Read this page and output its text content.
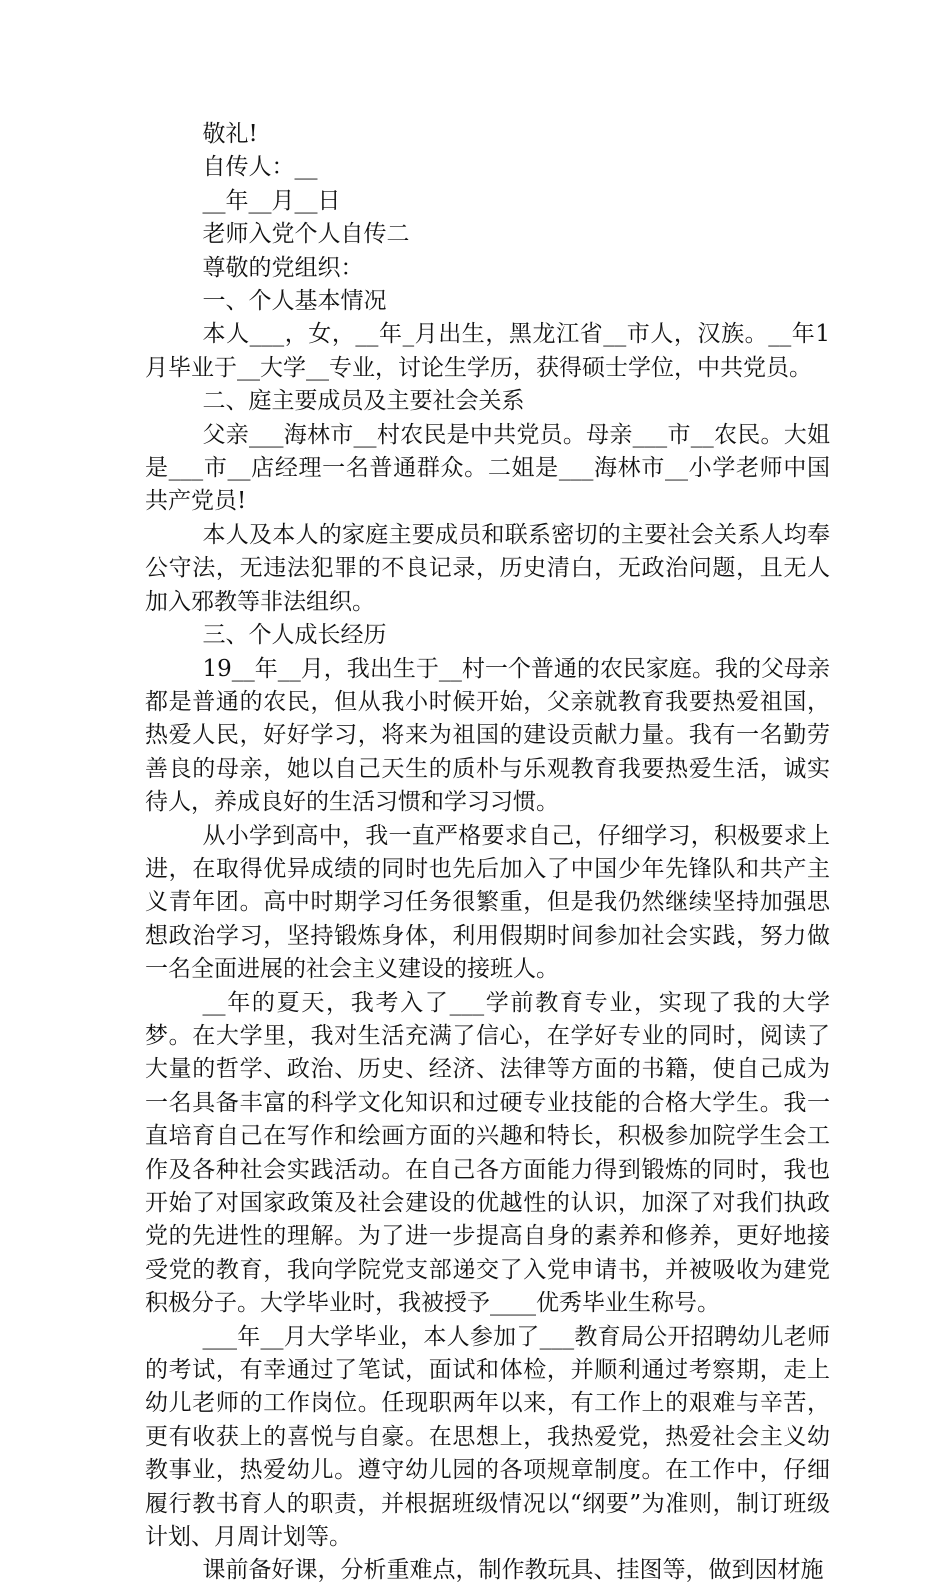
敬礼!

自传人：__

__年__月__日

老师入党个人自传二

尊敬的党组织：

一、个人基本情况

本人___，女，__年_月出生，黑龙江省__市人，汉族。__年1月毕业于__大学__专业，讨论生学历，获得硕士学位，中共党员。

二、庭主要成员及主要社会关系

父亲___海林市__村农民是中共党员。母亲___市__农民。大姐是___市__店经理一名普通群众。二姐是___海林市__小学老师中国共产党员!

本人及本人的家庭主要成员和联系密切的主要社会关系人均奉公守法，无违法犯罪的不良记录，历史清白，无政治问题，且无人加入邪教等非法组织。

三、个人成长经历

19__年__月，我出生于__村一个普通的农民家庭。我的父母亲都是普通的农民，但从我小时候开始，父亲就教育我要热爱祖国，热爱人民，好好学习，将来为祖国的建设贡献力量。我有一名勤劳善良的母亲，她以自己天生的质朴与乐观教育我要热爱生活，诚实待人，养成良好的生活习惯和学习习惯。

从小学到高中，我一直严格要求自己，仔细学习，积极要求上进，在取得优异成绩的同时也先后加入了中国少年先锋队和共产主义青年团。高中时期学习任务很繁重，但是我仍然继续坚持加强思想政治学习，坚持锻炼身体，利用假期时间参加社会实践，努力做一名全面进展的社会主义建设的接班人。

__年的夏天，我考入了___学前教育专业，实现了我的大学梦。在大学里，我对生活充满了信心，在学好专业的同时，阅读了大量的哲学、政治、历史、经济、法律等方面的书籍，使自己成为一名具备丰富的科学文化知识和过硬专业技能的合格大学生。我一直培育自己在写作和绘画方面的兴趣和特长，积极参加院学生会工作及各种社会实践活动。在自己各方面能力得到锻炼的同时，我也开始了对国家政策及社会建设的优越性的认识，加深了对我们执政党的先进性的理解。为了进一步提高自身的素养和修养，更好地接受党的教育，我向学院党支部递交了入党申请书，并被吸收为建党积极分子。大学毕业时，我被授予____优秀毕业生称号。

___年__月大学毕业，本人参加了___教育局公开招聘幼儿老师的考试，有幸通过了笔试，面试和体检，并顺利通过考察期，走上幼儿老师的工作岗位。任现职两年以来，有工作上的艰难与辛苦，更有收获上的喜悦与自豪。在思想上，我热爱党，热爱社会主义幼教事业，热爱幼儿。遵守幼儿园的各项规章制度。在工作中，仔细履行教书育人的职责，并根据班级情况以“纲要”为准则，制订班级计划、月周计划等。

课前备好课，分析重难点，制作教玩具、挂图等，做到因材施
